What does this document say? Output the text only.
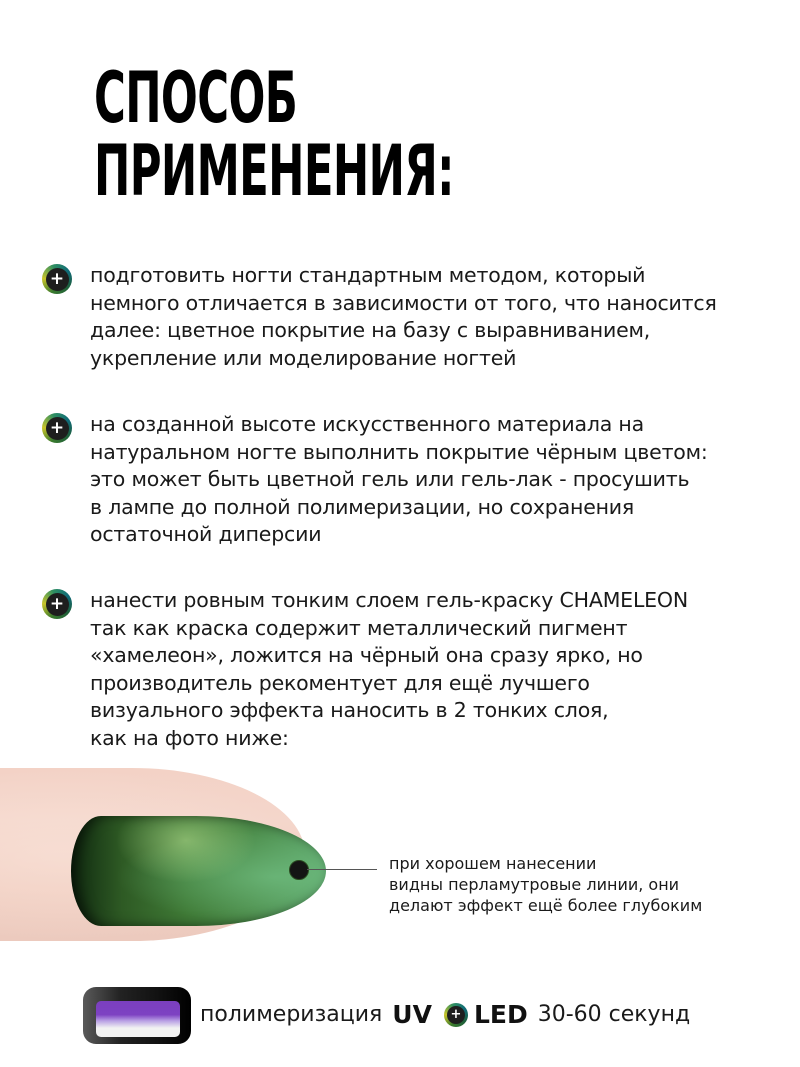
СПОСОБ
ПРИМЕНЕНИЯ:
+ подготовить ногти стандартным методом, который
немного отличается в зависимости от того, что наносится
далее: цветное покрытие на базу с выравниванием,
укрепление или моделирование ногтей

+ на созданной высоте искусственного материала на
натуральном ногте выполнить покрытие чёрным цветом:
это может быть цветной гель или гель-лак - просушить
в лампе до полной полимеризации, но сохранения
остаточной диперсии

+ нанести ровным тонким слоем гель-краску CHAMELEON
так как краска содержит металлический пигмент
«хамелеон», ложится на чёрный она сразу ярко, но
производитель рекоментует для ещё лучшего
визуального эффекта наносить в 2 тонких слоя,
как на фото ниже:

при хорошем нанесении
видны перламутровые линии, они
делают эффект ещё более глубоким

полимеризация UV + LED 30-60 секунд
